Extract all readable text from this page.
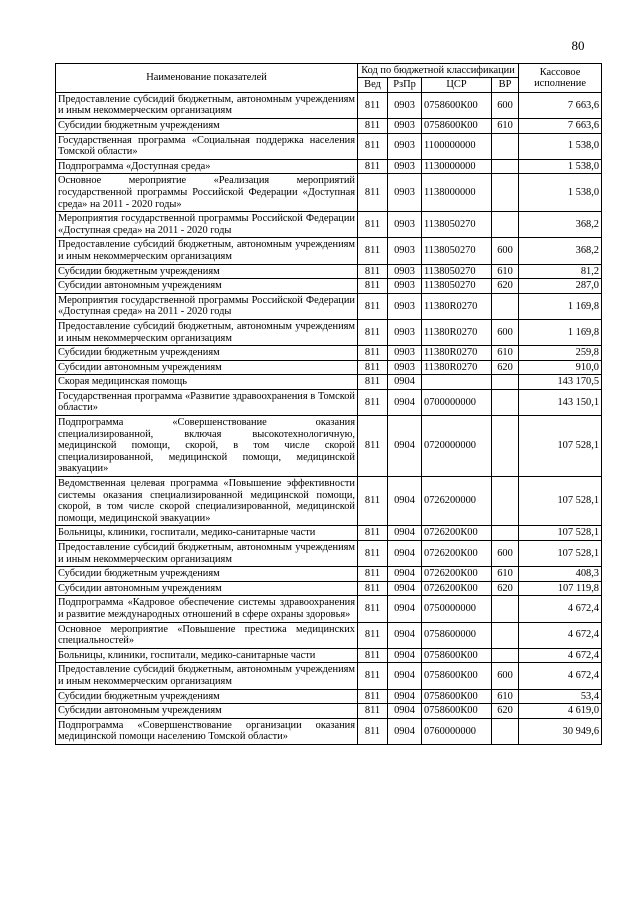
80
Наименование показателей	Код по бюджетной классификации				Кассовое исполнение
	Вед	РзПр	ЦСР	ВР	
Предоставление субсидий бюджетным, автономным учреждениям и иным некоммерческим организациям	811	0903	0758600К00	600	7 663,6
Субсидии бюджетным учреждениям	811	0903	0758600К00	610	7 663,6
Государственная программа «Социальная поддержка населения Томской области»	811	0903	1100000000		1 538,0
Подпрограмма «Доступная среда»	811	0903	1130000000		1 538,0
Основное мероприятие «Реализация мероприятий государственной программы Российской Федерации «Доступная среда» на 2011 - 2020 годы»	811	0903	1138000000		1 538,0
Мероприятия государственной программы Российской Федерации «Доступная среда» на 2011 - 2020 годы	811	0903	1138050270		368,2
Предоставление субсидий бюджетным, автономным учреждениям и иным некоммерческим организациям	811	0903	1138050270	600	368,2
Субсидии бюджетным учреждениям	811	0903	1138050270	610	81,2
Субсидии автономным учреждениям	811	0903	1138050270	620	287,0
Мероприятия государственной программы Российской Федерации «Доступная среда» на 2011 - 2020 годы	811	0903	11380R0270		1 169,8
Предоставление субсидий бюджетным, автономным учреждениям и иным некоммерческим организациям	811	0903	11380R0270	600	1 169,8
Субсидии бюджетным учреждениям	811	0903	11380R0270	610	259,8
Субсидии автономным учреждениям	811	0903	11380R0270	620	910,0
Скорая медицинская помощь	811	0904			143 170,5
Государственная программа «Развитие здравоохранения в Томской области»	811	0904	0700000000		143 150,1
Подпрограмма «Совершенствование оказания специализированной, включая высокотехнологичную, медицинской помощи, скорой, в том числе скорой специализированной, медицинской помощи, медицинской эвакуации»	811	0904	0720000000		107 528,1
Ведомственная целевая программа «Повышение эффективности системы оказания специализированной медицинской помощи, скорой, в том числе скорой специализированной, медицинской помощи, медицинской эвакуации»	811	0904	0726200000		107 528,1
Больницы, клиники, госпитали, медико-санитарные части	811	0904	0726200К00		107 528,1
Предоставление субсидий бюджетным, автономным учреждениям и иным некоммерческим организациям	811	0904	0726200К00	600	107 528,1
Субсидии бюджетным учреждениям	811	0904	0726200К00	610	408,3
Субсидии автономным учреждениям	811	0904	0726200К00	620	107 119,8
Подпрограмма «Кадровое обеспечение системы здравоохранения и развитие международных отношений в сфере охраны здоровья»	811	0904	0750000000		4 672,4
Основное мероприятие «Повышение престижа медицинских специальностей»	811	0904	0758600000		4 672,4
Больницы, клиники, госпитали, медико-санитарные части	811	0904	0758600К00		4 672,4
Предоставление субсидий бюджетным, автономным учреждениям и иным некоммерческим организациям	811	0904	0758600К00	600	4 672,4
Субсидии бюджетным учреждениям	811	0904	0758600К00	610	53,4
Субсидии автономным учреждениям	811	0904	0758600К00	620	4 619,0
Подпрограмма «Совершенствование организации оказания медицинской помощи населению Томской области»	811	0904	0760000000		30 949,6
